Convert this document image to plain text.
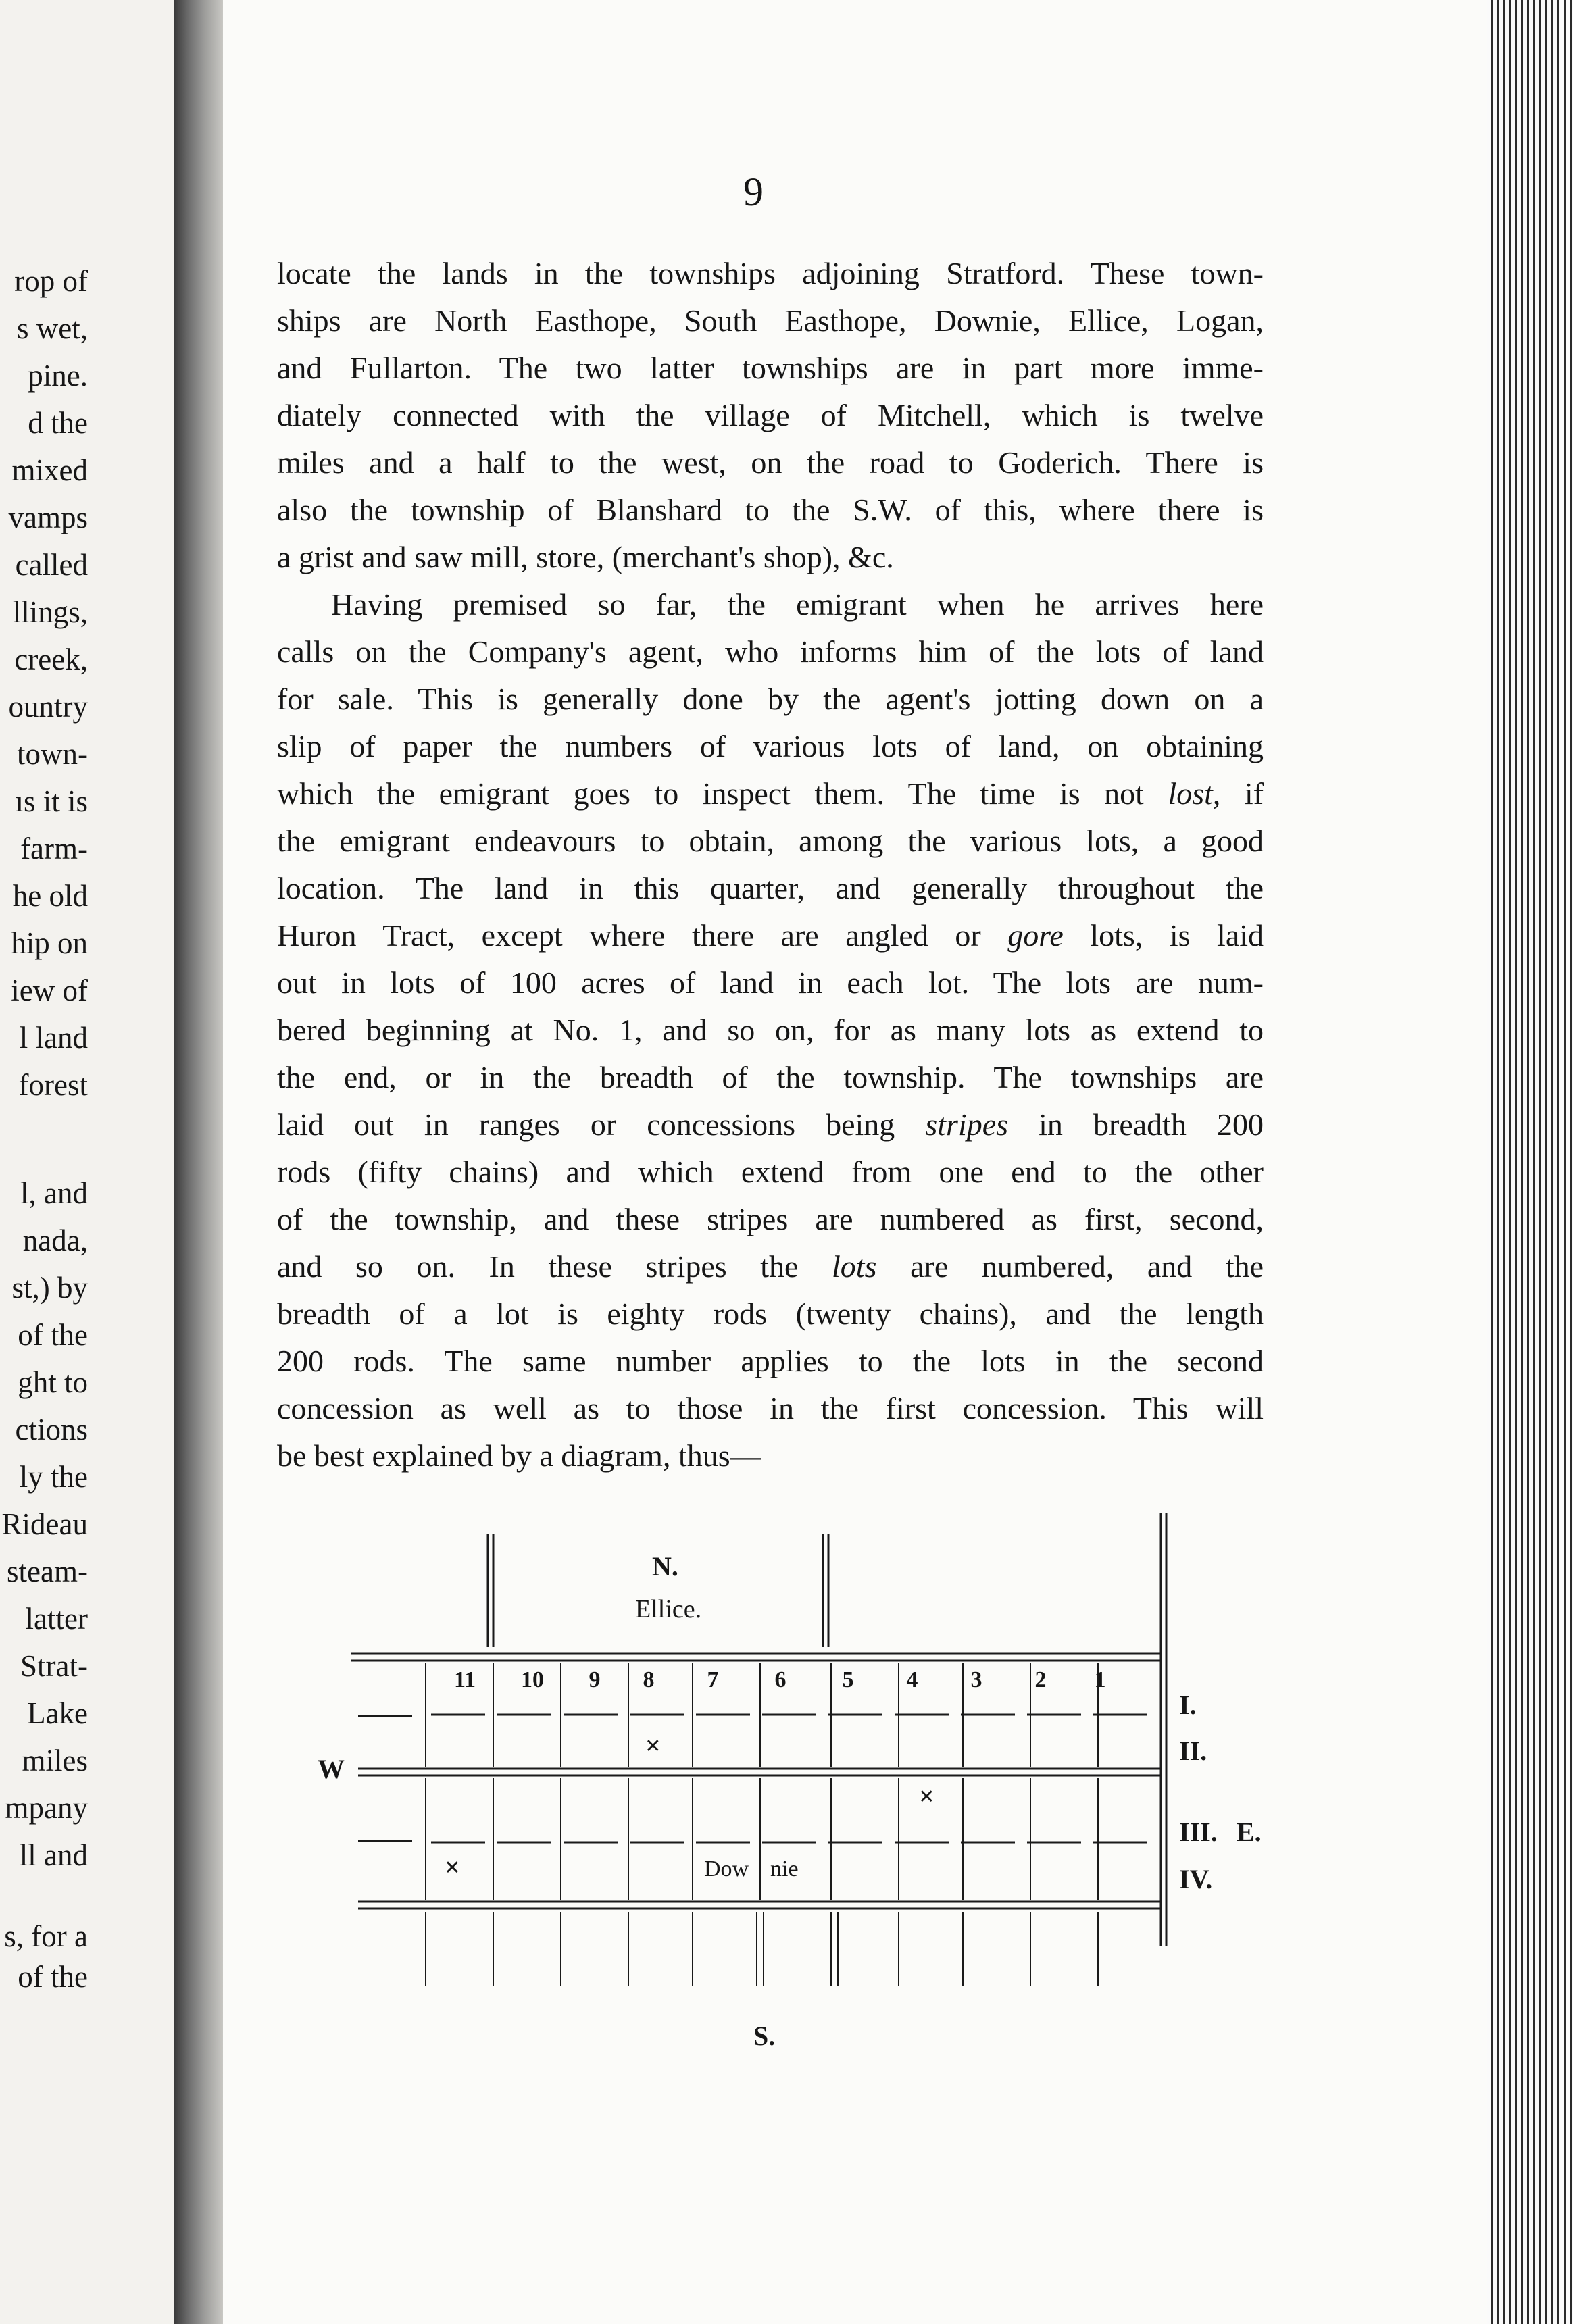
rop of
s wet,
pine.
d the
mixed
vamps
called
llings,
creek,
ountry
town-
ıs it is
farm-
he old
hip on
iew of
l land
forest
l, and
nada,
st,) by
of the
ght to
ctions
ly the
Rideau
steam-
latter
Strat-
Lake
miles
mpany
ll and
s, for a
of the
9
locate the lands in the townships adjoining Stratford. These town-
ships are North Easthope, South Easthope, Downie, Ellice, Logan,
and Fullarton. The two latter townships are in part more imme-
diately connected with the village of Mitchell, which is twelve
miles and a half to the west, on the road to Goderich. There is
also the township of Blanshard to the S.W. of this, where there is
a grist and saw mill, store, (merchant's shop), &c.
Having premised so far, the emigrant when he arrives here
calls on the Company's agent, who informs him of the lots of land
for sale. This is generally done by the agent's jotting down on a
slip of paper the numbers of various lots of land, on obtaining
which the emigrant goes to inspect them. The time is not lost, if
the emigrant endeavours to obtain, among the various lots, a good
location. The land in this quarter, and generally throughout the
Huron Tract, except where there are angled or gore lots, is laid
out in lots of 100 acres of land in each lot. The lots are num-
bered beginning at No. 1, and so on, for as many lots as extend to
the end, or in the breadth of the township. The townships are
laid out in ranges or concessions being stripes in breadth 200
rods (fifty chains) and which extend from one end to the other
of the township, and these stripes are numbered as first, second,
and so on. In these stripes the lots are numbered, and the
breadth of a lot is eighty rods (twenty chains), and the length
200 rods. The same number applies to the lots in the second
concession as well as to those in the first concession. This will
be best explained by a diagram, thus—
N.
Ellice.
W
S.
Dow nie
I.
II.
III. E.
IV.
11	10	9	8	7	6	5	4	3	2	1
×
×
×
